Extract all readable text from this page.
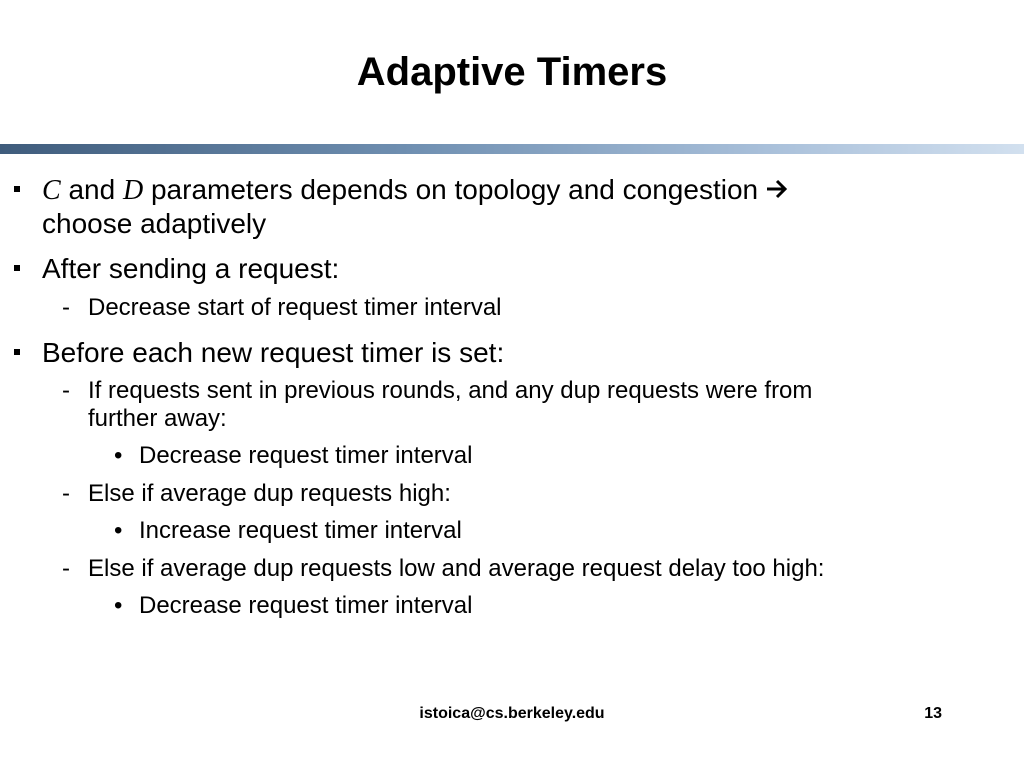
Adaptive Timers
C and D parameters depends on topology and congestion
choose adaptively
After sending a request:
- Decrease start of request timer interval
Before each new request timer is set:
- If requests sent in previous rounds, and any dup requests were from
further away:
• Decrease request timer interval
- Else if average dup requests high:
• Increase request timer interval
- Else if average dup requests low and average request delay too high:
• Decrease request timer interval
istoica@cs.berkeley.edu	13
